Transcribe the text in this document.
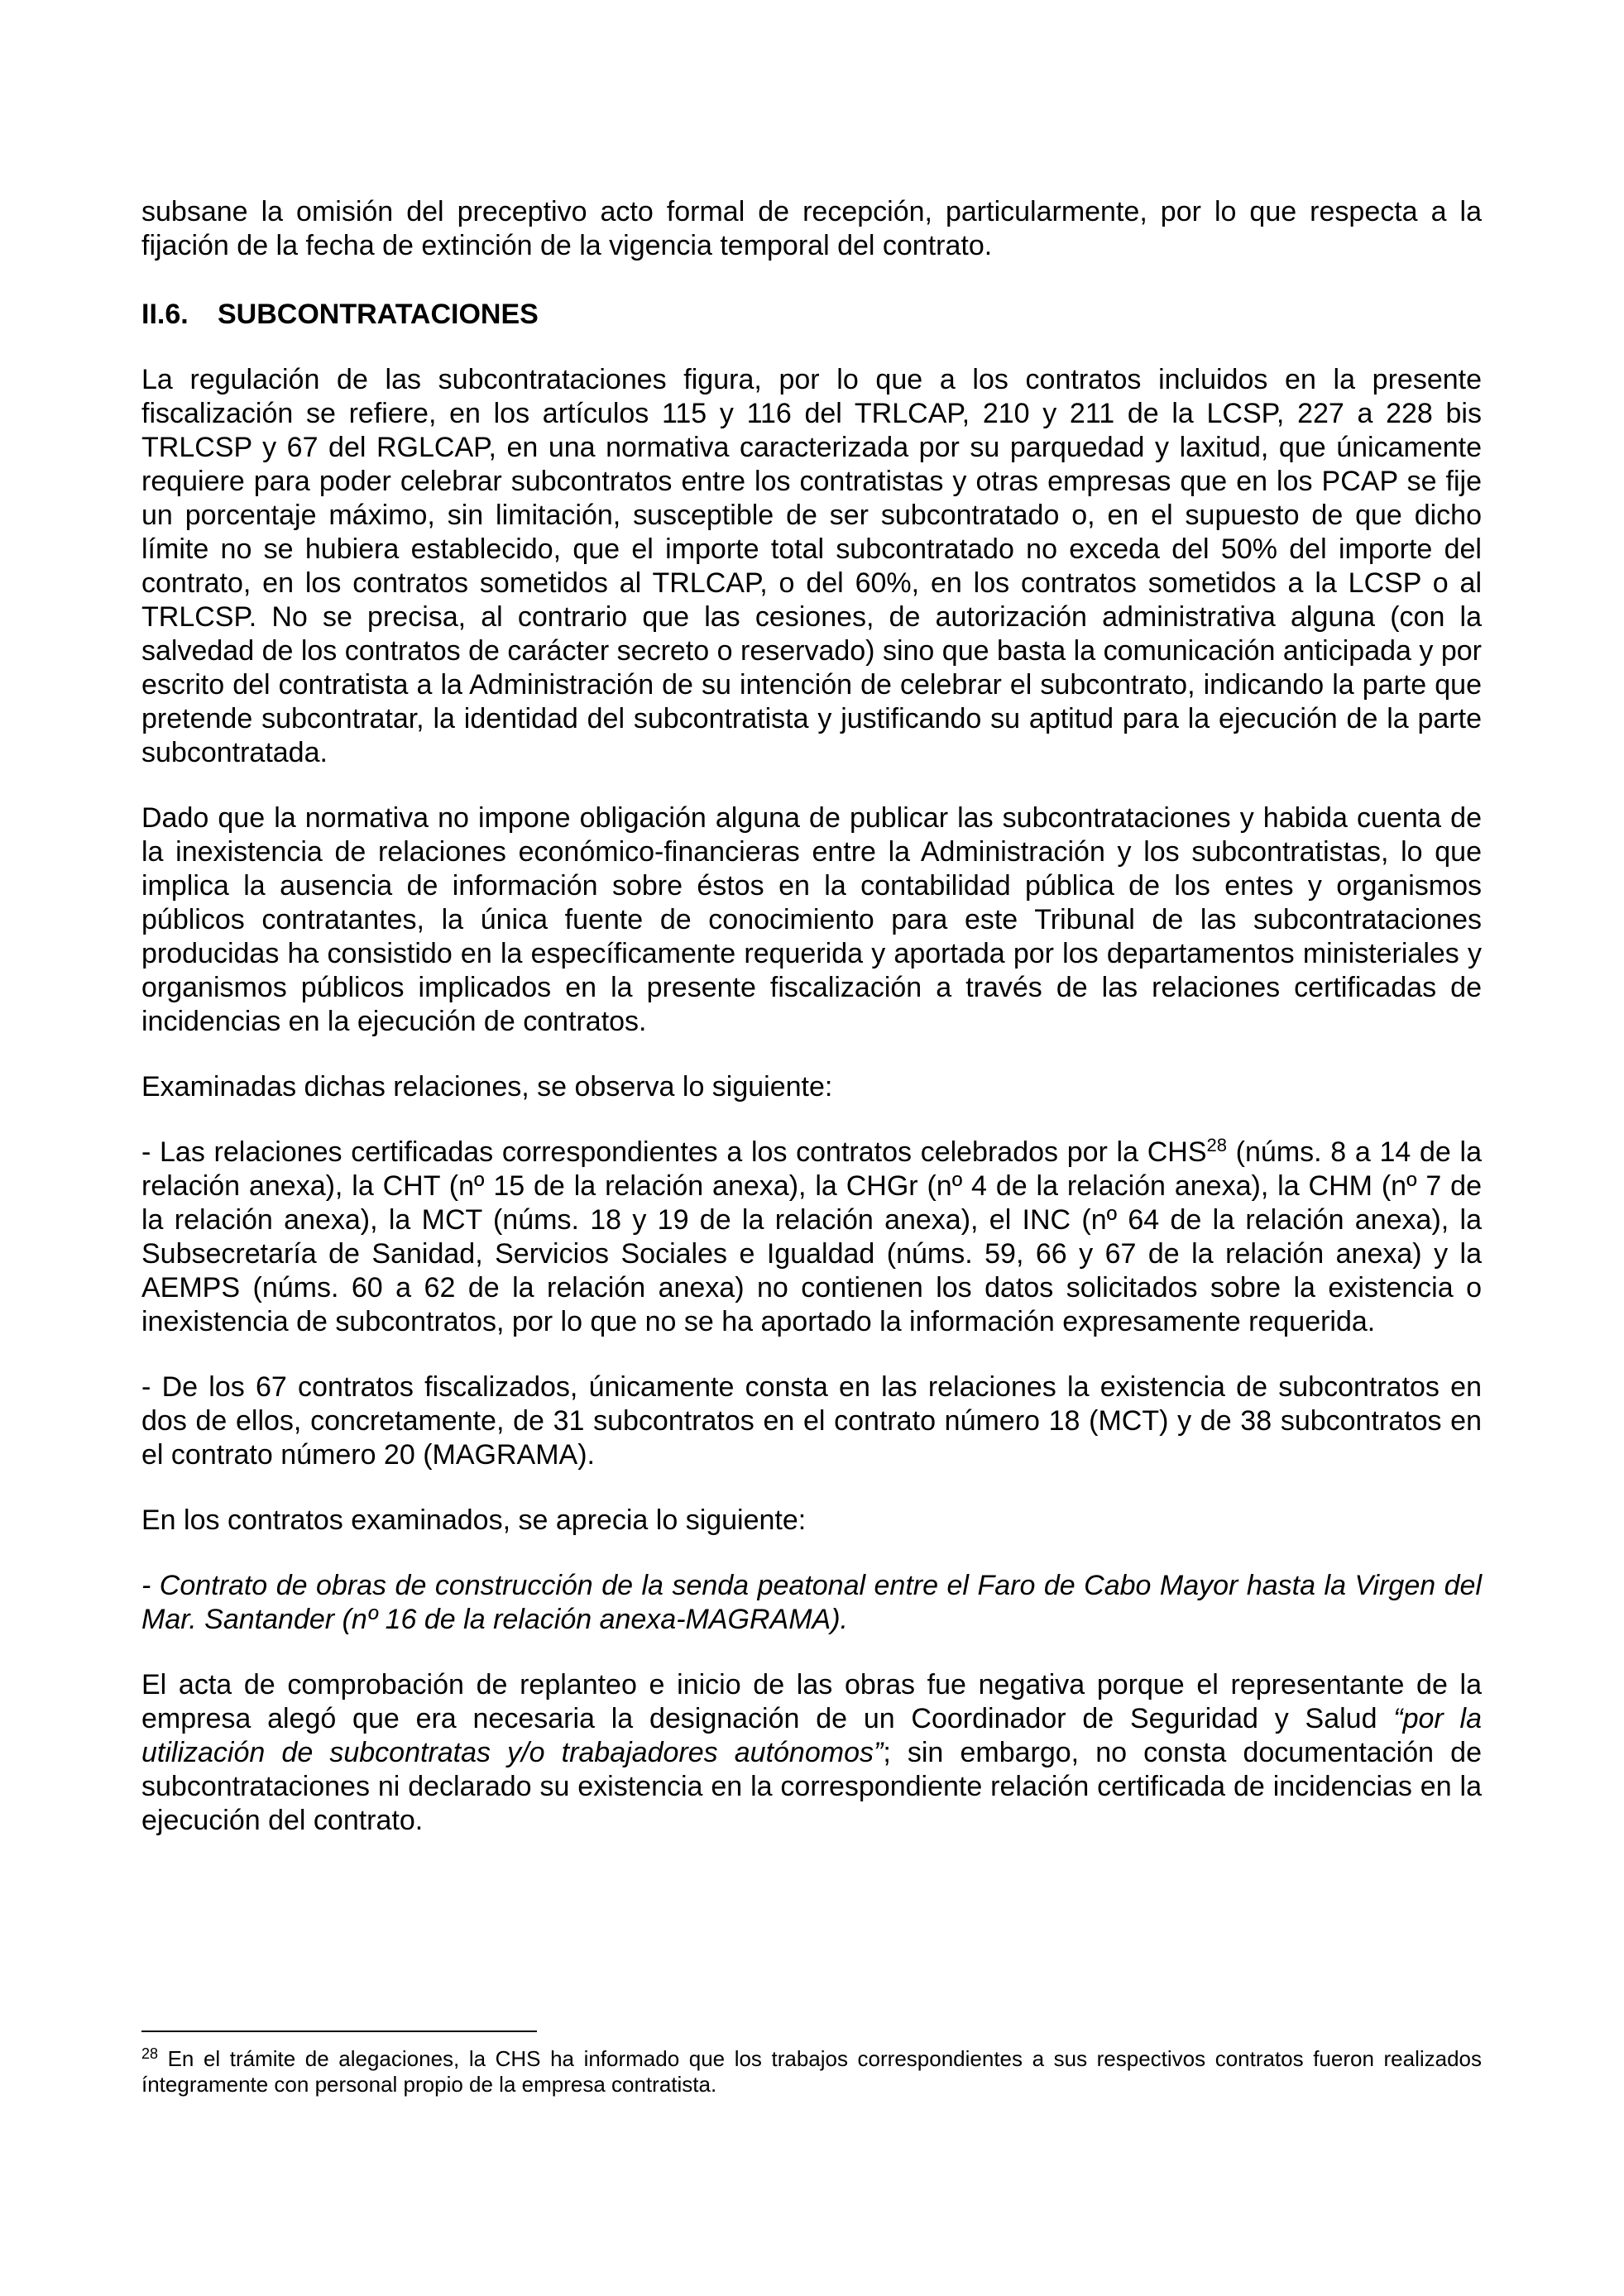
subsane la omisión del preceptivo acto formal de recepción, particularmente, por lo que respecta a la fijación de la fecha de extinción de la vigencia temporal del contrato.

II.6. SUBCONTRATACIONES

La regulación de las subcontrataciones figura, por lo que a los contratos incluidos en la presente fiscalización se refiere, en los artículos 115 y 116 del TRLCAP, 210 y 211 de la LCSP, 227 a 228 bis TRLCSP y 67 del RGLCAP, en una normativa caracterizada por su parquedad y laxitud, que únicamente requiere para poder celebrar subcontratos entre los contratistas y otras empresas que en los PCAP se fije un porcentaje máximo, sin limitación, susceptible de ser subcontratado o, en el supuesto de que dicho límite no se hubiera establecido, que el importe total subcontratado no exceda del 50% del importe del contrato, en los contratos sometidos al TRLCAP, o del 60%, en los contratos sometidos a la LCSP o al TRLCSP. No se precisa, al contrario que las cesiones, de autorización administrativa alguna (con la salvedad de los contratos de carácter secreto o reservado) sino que basta la comunicación anticipada y por escrito del contratista a la Administración de su intención de celebrar el subcontrato, indicando la parte que pretende subcontratar, la identidad del subcontratista y justificando su aptitud para la ejecución de la parte subcontratada.

Dado que la normativa no impone obligación alguna de publicar las subcontrataciones y habida cuenta de la inexistencia de relaciones económico-financieras entre la Administración y los subcontratistas, lo que implica la ausencia de información sobre éstos en la contabilidad pública de los entes y organismos públicos contratantes, la única fuente de conocimiento para este Tribunal de las subcontrataciones producidas ha consistido en la específicamente requerida y aportada por los departamentos ministeriales y organismos públicos implicados en la presente fiscalización a través de las relaciones certificadas de incidencias en la ejecución de contratos.

Examinadas dichas relaciones, se observa lo siguiente:

- Las relaciones certificadas correspondientes a los contratos celebrados por la CHS$^{28}$ (núms. 8 a 14 de la relación anexa), la CHT (nº 15 de la relación anexa), la CHGr (nº 4 de la relación anexa), la CHM (nº 7 de la relación anexa), la MCT (núms. 18 y 19 de la relación anexa), el INC (nº 64 de la relación anexa), la Subsecretaría de Sanidad, Servicios Sociales e Igualdad (núms. 59, 66 y 67 de la relación anexa) y la AEMPS (núms. 60 a 62 de la relación anexa) no contienen los datos solicitados sobre la existencia o inexistencia de subcontratos, por lo que no se ha aportado la información expresamente requerida.

- De los 67 contratos fiscalizados, únicamente consta en las relaciones la existencia de subcontratos en dos de ellos, concretamente, de 31 subcontratos en el contrato número 18 (MCT) y de 38 subcontratos en el contrato número 20 (MAGRAMA).

En los contratos examinados, se aprecia lo siguiente:

- Contrato de obras de construcción de la senda peatonal entre el Faro de Cabo Mayor hasta la Virgen del Mar. Santander (nº 16 de la relación anexa-MAGRAMA).

El acta de comprobación de replanteo e inicio de las obras fue negativa porque el representante de la empresa alegó que era necesaria la designación de un Coordinador de Seguridad y Salud “por la utilización de subcontratas y/o trabajadores autónomos”; sin embargo, no consta documentación de subcontrataciones ni declarado su existencia en la correspondiente relación certificada de incidencias en la ejecución del contrato.

$^{28}$ En el trámite de alegaciones, la CHS ha informado que los trabajos correspondientes a sus respectivos contratos fueron realizados íntegramente con personal propio de la empresa contratista.
